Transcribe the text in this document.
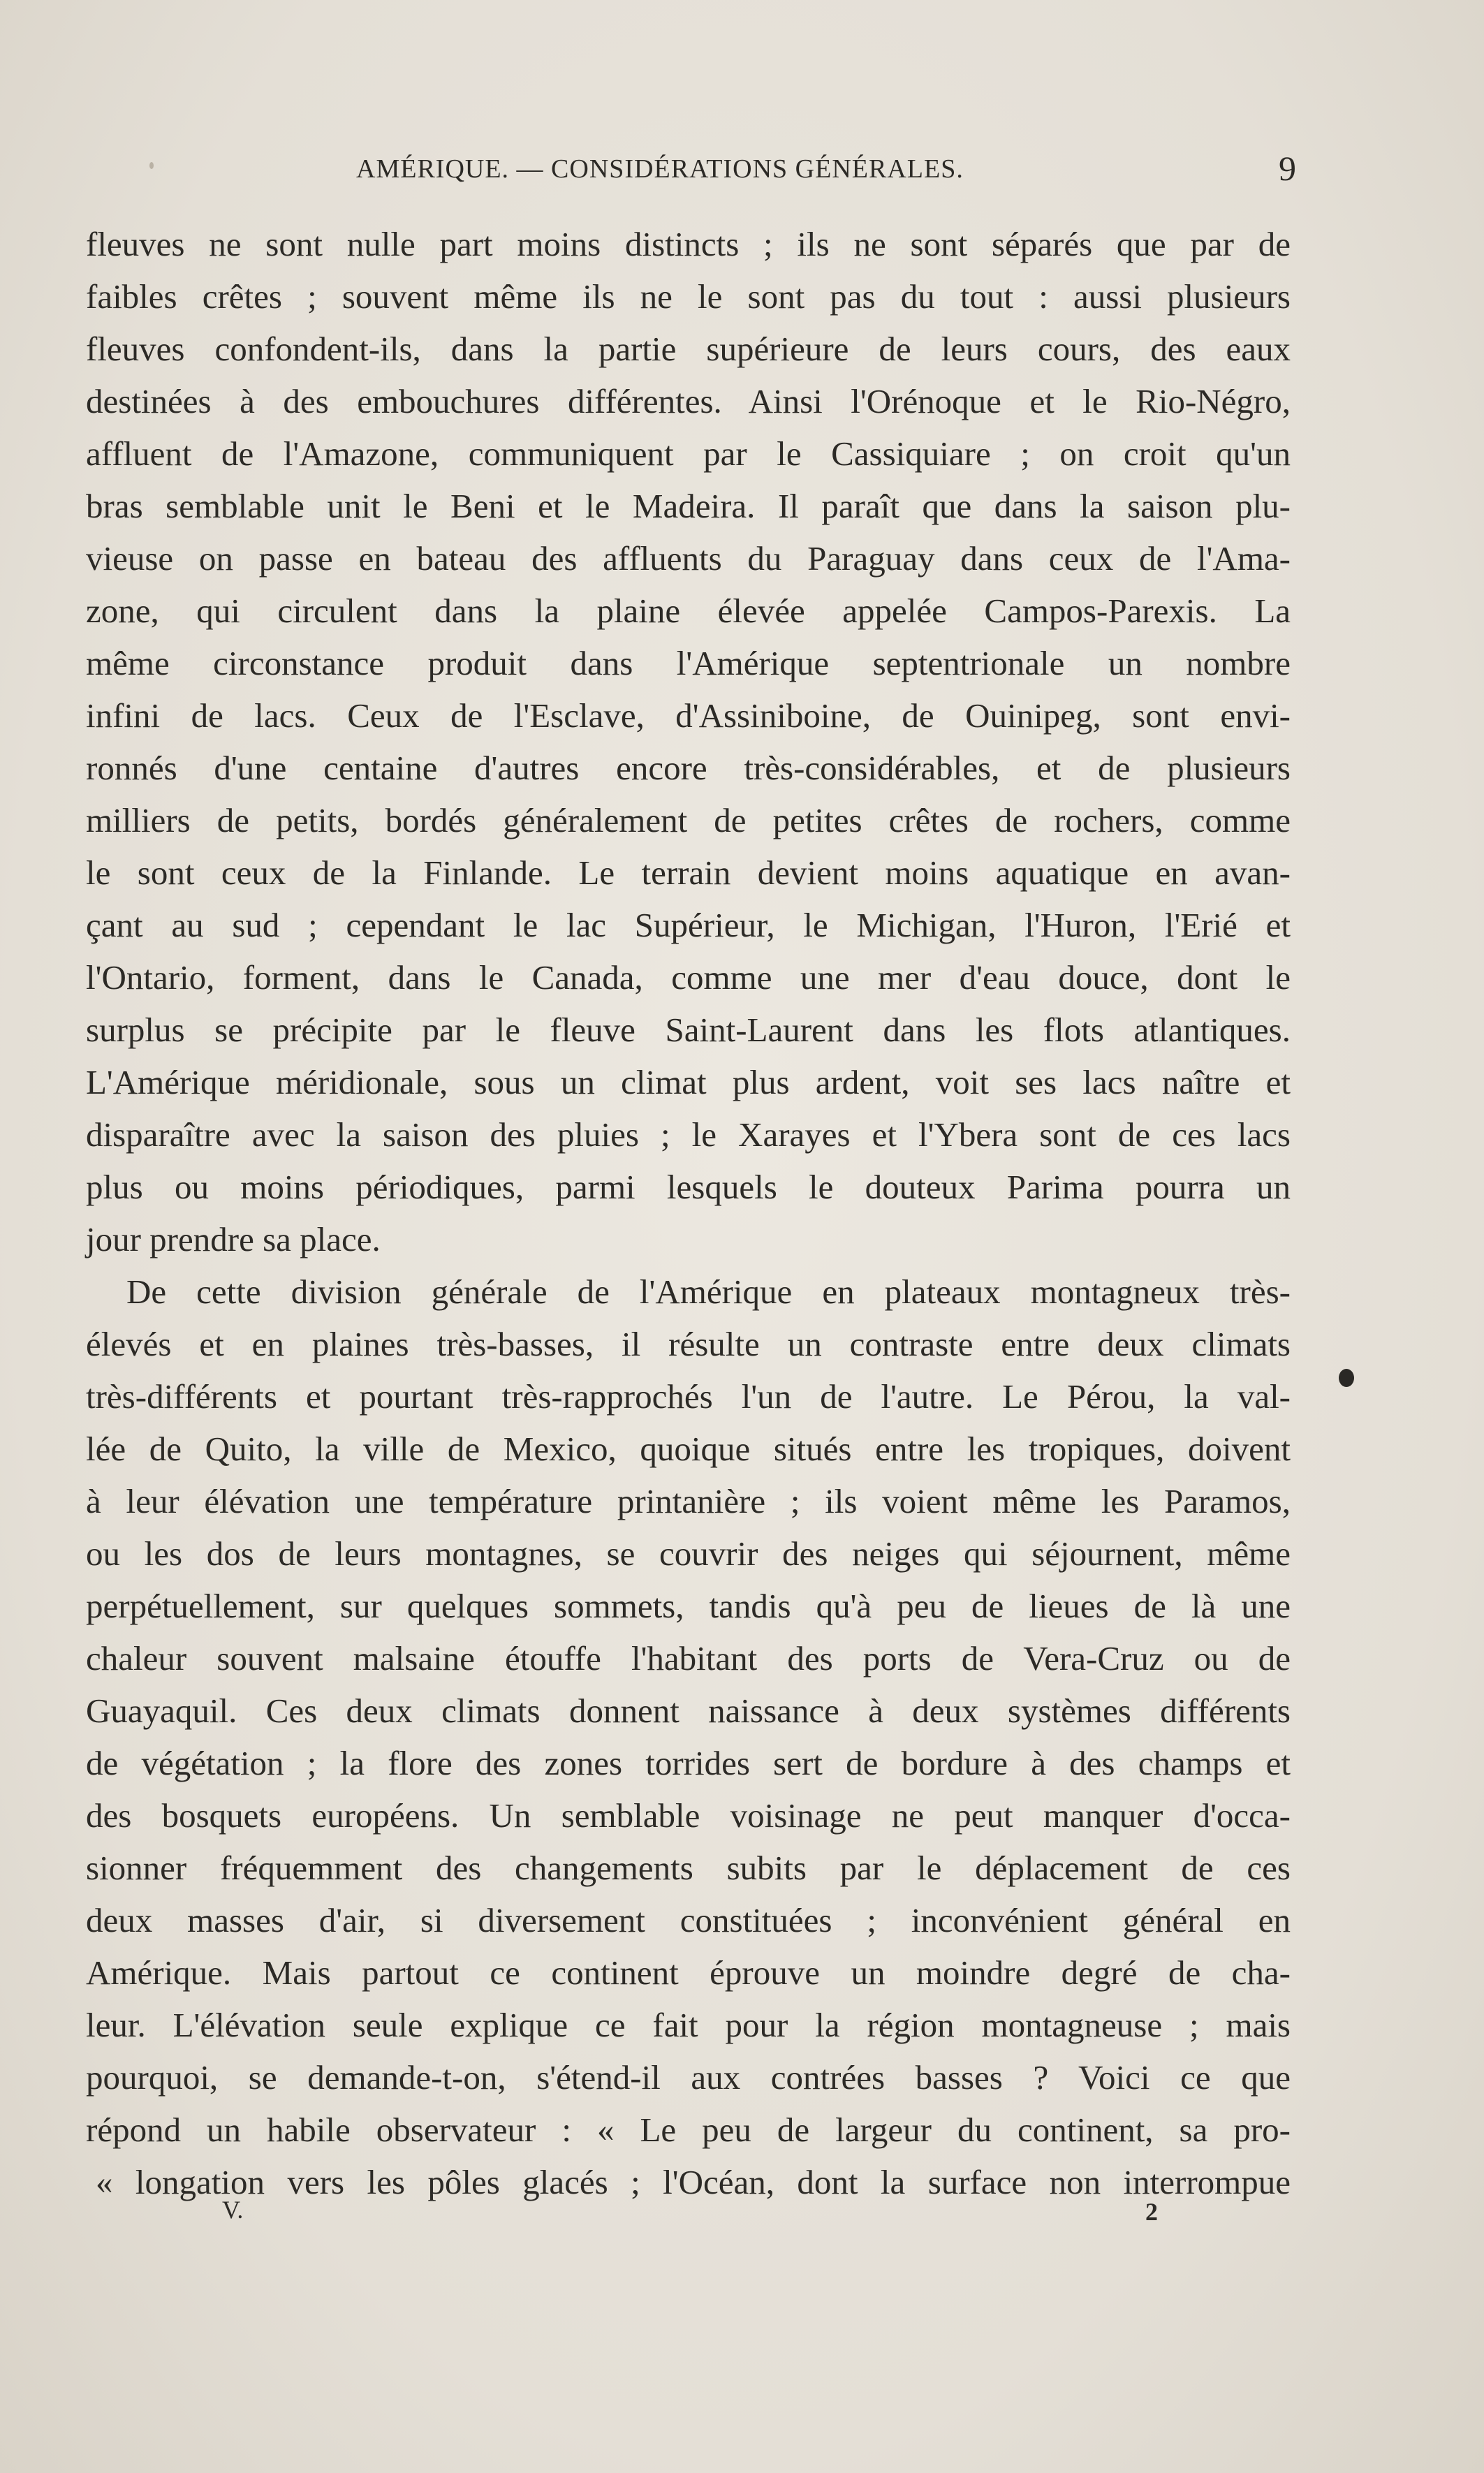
AMÉRIQUE. — CONSIDÉRATIONS GÉNÉRALES.	9
fleuves ne sont nulle part moins distincts ; ils ne sont séparés que par de
faibles crêtes ; souvent même ils ne le sont pas du tout : aussi plusieurs
fleuves confondent-ils, dans la partie supérieure de leurs cours, des eaux
destinées à des embouchures différentes. Ainsi l'Orénoque et le Rio-Négro,
affluent de l'Amazone, communiquent par le Cassiquiare ; on croit qu'un
bras semblable unit le Beni et le Madeira. Il paraît que dans la saison plu-
vieuse on passe en bateau des affluents du Paraguay dans ceux de l'Ama-
zone, qui circulent dans la plaine élevée appelée Campos-Parexis. La
même circonstance produit dans l'Amérique septentrionale un nombre
infini de lacs. Ceux de l'Esclave, d'Assiniboine, de Ouinipeg, sont envi-
ronnés d'une centaine d'autres encore très-considérables, et de plusieurs
milliers de petits, bordés généralement de petites crêtes de rochers, comme
le sont ceux de la Finlande. Le terrain devient moins aquatique en avan-
çant au sud ; cependant le lac Supérieur, le Michigan, l'Huron, l'Erié et
l'Ontario, forment, dans le Canada, comme une mer d'eau douce, dont le
surplus se précipite par le fleuve Saint-Laurent dans les flots atlantiques.
L'Amérique méridionale, sous un climat plus ardent, voit ses lacs naître et
disparaître avec la saison des pluies ; le Xarayes et l'Ybera sont de ces lacs
plus ou moins périodiques, parmi lesquels le douteux Parima pourra un
jour prendre sa place.
De cette division générale de l'Amérique en plateaux montagneux très-
élevés et en plaines très-basses, il résulte un contraste entre deux climats
très-différents et pourtant très-rapprochés l'un de l'autre. Le Pérou, la val-
lée de Quito, la ville de Mexico, quoique situés entre les tropiques, doivent
à leur élévation une température printanière ; ils voient même les Paramos,
ou les dos de leurs montagnes, se couvrir des neiges qui séjournent, même
perpétuellement, sur quelques sommets, tandis qu'à peu de lieues de là une
chaleur souvent malsaine étouffe l'habitant des ports de Vera-Cruz ou de
Guayaquil. Ces deux climats donnent naissance à deux systèmes différents
de végétation ; la flore des zones torrides sert de bordure à des champs et
des bosquets européens. Un semblable voisinage ne peut manquer d'occa-
sionner fréquemment des changements subits par le déplacement de ces
deux masses d'air, si diversement constituées ; inconvénient général en
Amérique. Mais partout ce continent éprouve un moindre degré de cha-
leur. L'élévation seule explique ce fait pour la région montagneuse ; mais
pourquoi, se demande-t-on, s'étend-il aux contrées basses ? Voici ce que
répond un habile observateur : « Le peu de largeur du continent, sa pro-
« longation vers les pôles glacés ; l'Océan, dont la surface non interrompue
V.	2
